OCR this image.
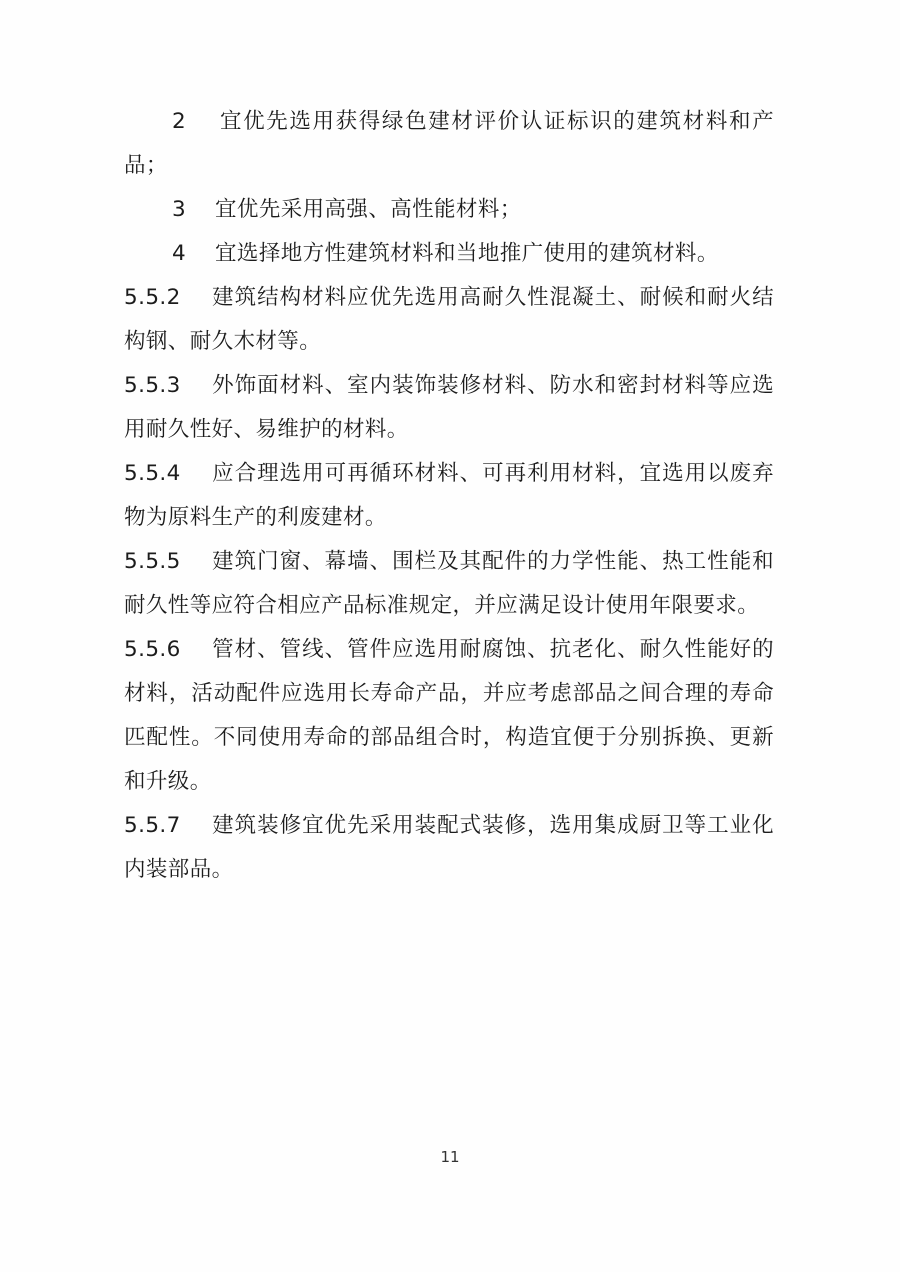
2 宜优先选用获得绿色建材评价认证标识的建筑材料和产品；
3 宜优先采用高强、高性能材料；
4 宜选择地方性建筑材料和当地推广使用的建筑材料。
5.5.2 建筑结构材料应优先选用高耐久性混凝土、耐候和耐火结构钢、耐久木材等。
5.5.3 外饰面材料、室内装饰装修材料、防水和密封材料等应选用耐久性好、易维护的材料。
5.5.4 应合理选用可再循环材料、可再利用材料，宜选用以废弃物为原料生产的利废建材。
5.5.5 建筑门窗、幕墙、围栏及其配件的力学性能、热工性能和耐久性等应符合相应产品标准规定，并应满足设计使用年限要求。
5.5.6 管材、管线、管件应选用耐腐蚀、抗老化、耐久性能好的材料，活动配件应选用长寿命产品，并应考虑部品之间合理的寿命匹配性。不同使用寿命的部品组合时，构造宜便于分别拆换、更新和升级。
5.5.7 建筑装修宜优先采用装配式装修，选用集成厨卫等工业化内装部品。
11
